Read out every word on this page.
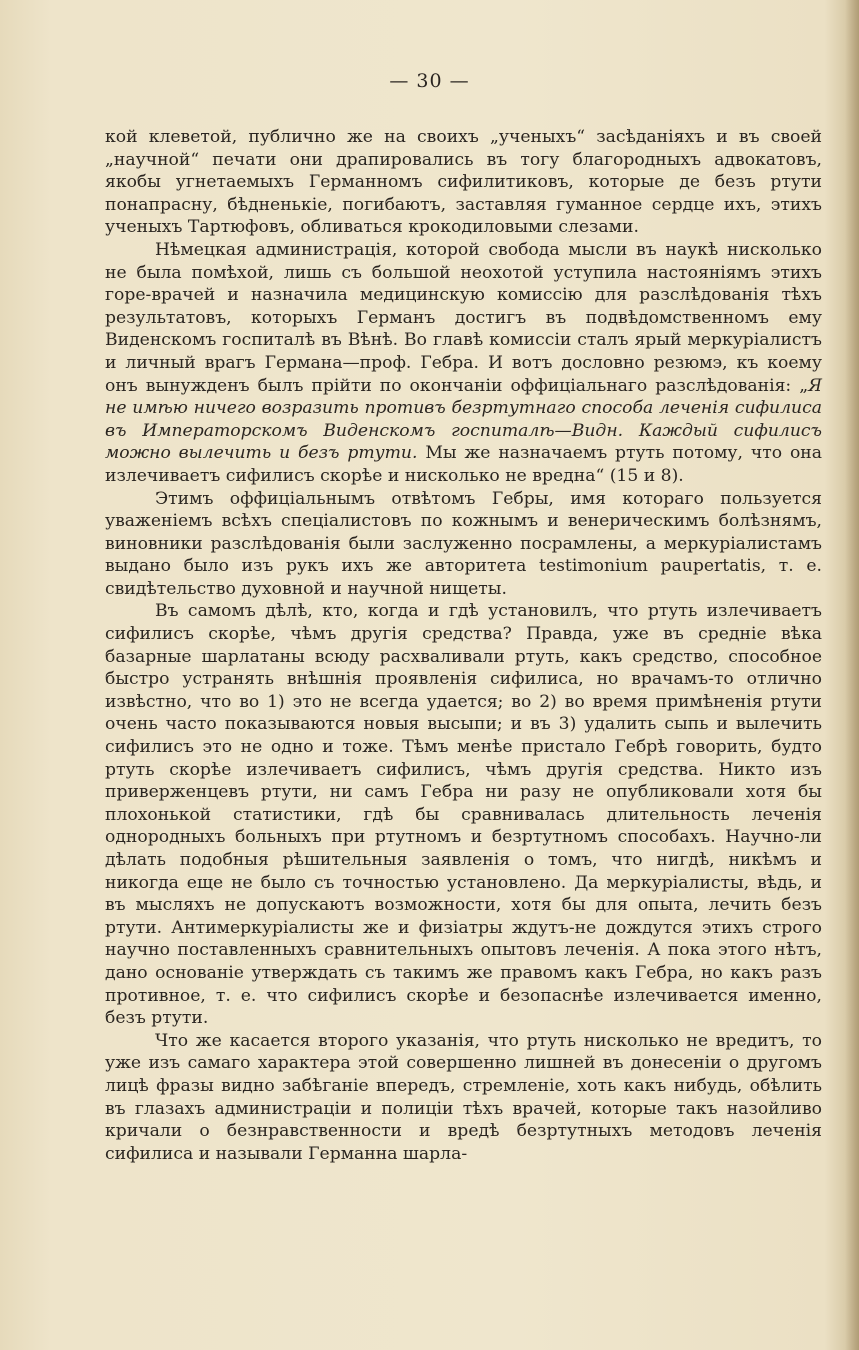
— 30 —

кой клеветой, публично же на своихъ „ученыхъ“ засѣданіяхъ и въ своей „научной“ печати они драпировались въ тогу благородныхъ адвокатовъ, якобы угнетаемыхъ Германномъ сифилитиковъ, которые де безъ ртути понапрасну, бѣдненькіе, погибаютъ, заставляя гуманное сердце ихъ, этихъ ученыхъ Тартюфовъ, обливаться крокодиловыми слезами.

Нѣмецкая администрація, которой свобода мысли въ наукѣ нисколько не была помѣхой, лишь съ большой неохотой уступила настояніямъ этихъ горе-врачей и назначила медицинскую комиссію для разслѣдованія тѣхъ результатовъ, которыхъ Германъ достигъ въ подвѣдомственномъ ему Виденскомъ госпиталѣ въ Вѣнѣ. Во главѣ комиссіи сталъ ярый меркуріалистъ и личный врагъ Германа—проф. Гебра. И вотъ дословно резюмэ, къ коему онъ вынужденъ былъ прійти по окончаніи оффиціальнаго разслѣдованія: „Я не имѣю ничего возразить противъ безртутнаго способа леченія сифилиса въ Императорскомъ Виденскомъ госпиталѣ—Видн. Каждый сифилисъ можно вылечить и безъ ртути. Мы же назначаемъ ртуть потому, что она излечиваетъ сифилисъ скорѣе и нисколько не вредна“ (15 и 8).

Этимъ оффиціальнымъ отвѣтомъ Гебры, имя котораго пользуется уваженіемъ всѣхъ спеціалистовъ по кожнымъ и венерическимъ болѣзнямъ, виновники разслѣдованія были заслуженно посрамлены, а меркуріалистамъ выдано было изъ рукъ ихъ же авторитета testimonium paupertatis, т. е. свидѣтельство духовной и научной нищеты.

Въ самомъ дѣлѣ, кто, когда и гдѣ установилъ, что ртуть излечиваетъ сифилисъ скорѣе, чѣмъ другія средства? Правда, уже въ средніе вѣка базарные шарлатаны всюду расхваливали ртуть, какъ средство, способное быстро устранять внѣшнія проявленія сифилиса, но врачамъ-то отлично извѣстно, что во 1) это не всегда удается; во 2) во время примѣненія ртути очень часто показываются новыя высыпи; и въ 3) удалить сыпь и вылечить сифилисъ это не одно и тоже. Тѣмъ менѣе пристало Гебрѣ говорить, будто ртуть скорѣе излечиваетъ сифилисъ, чѣмъ другія средства. Никто изъ приверженцевъ ртути, ни самъ Гебра ни разу не опубликовали хотя бы плохонькой статистики, гдѣ бы сравнивалась длительность леченія однородныхъ больныхъ при ртутномъ и безртутномъ способахъ. Научно-ли дѣлать подобныя рѣшительныя заявленія о томъ, что нигдѣ, никѣмъ и никогда еще не было съ точностью установлено. Да меркуріалисты, вѣдь, и въ мысляхъ не допускаютъ возможности, хотя бы для опыта, лечить безъ ртути. Антимеркуріалисты же и физіатры ждутъ-не дождутся этихъ строго научно поставленныхъ сравнительныхъ опытовъ леченія. А пока этого нѣтъ, дано основаніе утверждать съ такимъ же правомъ какъ Гебра, но какъ разъ противное, т. е. что сифилисъ скорѣе и безопаснѣе излечивается именно, безъ ртути.

Что же касается второго указанія, что ртуть нисколько не вредитъ, то уже изъ самаго характера этой совершенно лишней въ донесеніи о другомъ лицѣ фразы видно забѣганіе впередъ, стремленіе, хоть какъ нибудь, обѣлить въ глазахъ администраціи и полиціи тѣхъ врачей, которые такъ назойливо кричали о безнравственности и вредѣ безртутныхъ методовъ леченія сифилиса и называли Германна шарла-
